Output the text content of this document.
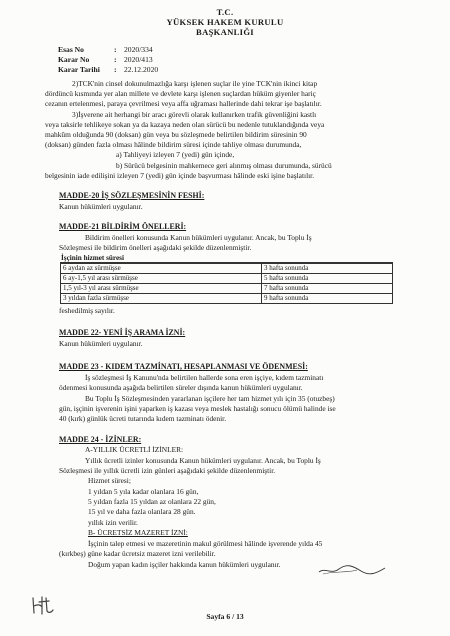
T.C.
YÜKSEK HAKEM KURULU
BAŞKANLIĞI
Esas No	: 2020/334
Karar No	: 2020/413
Karar Tarihi : 22.12.2020
2)TCK'nin cinsel dokunulmazlığa karşı işlenen suçlar ile yine TCK'nin ikinci kitap
dördüncü kısmında yer alan millete ve devlete karşı işlenen suçlardan hüküm giyenler hariç
cezanın ertelenmesi, paraya çevrilmesi veya affa uğraması hallerinde dahi tekrar işe başlatılır.
3)İşverene ait herhangi bir aracı görevli olarak kullanırken trafik güvenliğini kastlı
veya taksirle tehlikeye sokan ya da kazaya neden olan sürücü bu nedenle tutuklandığında veya
mahkûm olduğunda 90 (doksan) gün veya bu sözleşmede belirtilen bildirim süresinin 90
(doksan) günden fazla olması hâlinde bildirim süresi içinde tahliye olması durumunda,
a) Tahliyeyi izleyen 7 (yedi) gün içinde,
b) Sürücü belgesinin mahkemece geri alınmış olması durumunda, sürücü
belgesinin iade edilişini izleyen 7 (yedi) gün içinde başvurması hâlinde eski işine başlatılır.
MADDE-20 İŞ SÖZLEŞMESİNİN FESHİ:
Kanun hükümleri uygulanır.
MADDE-21 BİLDİRİM ÖNELLERİ:
Bildirim önelleri konusunda Kanun hükümleri uygulanır. Ancak, bu Toplu İş
Sözleşmesi ile bildirim önelleri aşağıdaki şekilde düzenlenmiştir.
İşçinin hizmet süresi
6 aydan az sürmüşse	3 hafta sonunda
6 ay-1,5 yıl arası sürmüşse	5 hafta sonunda
1,5 yıl-3 yıl arası sürmüşse	7 hafta sonunda
3 yıldan fazla sürmüşse	9 hafta sonunda
feshedilmiş sayılır.
MADDE 22- YENİ İŞ ARAMA İZNİ:
Kanun hükümleri uygulanır.
MADDE 23 - KIDEM TAZMİNATI, HESAPLANMASI VE ÖDENMESİ:
İş sözleşmesi İş Kanunu'nda belirtilen hallerde sona eren işçiye, kıdem tazminatı
ödenmesi konusunda aşağıda belirtilen süreler dışında kanun hükümleri uygulanır.
Bu Toplu İş Sözleşmesinden yararlanan işçilere her tam hizmet yılı için 35 (otuzbeş)
gün, işçinin işverenin işini yaparken iş kazası veya meslek hastalığı sonucu ölümü halinde ise
40 (kırk) günlük ücreti tutarında kıdem tazminatı ödenir.
MADDE 24 - İZİNLER:
A-YILLIK ÜCRETLİ İZİNLER:
Yıllık ücretli izinler konusunda Kanun hükümleri uygulanır. Ancak, bu Toplu İş
Sözleşmesi ile yıllık ücretli izin günleri aşağıdaki şekilde düzenlenmiştir.
Hizmet süresi;
1 yıldan 5 yıla kadar olanlara 16 gün,
5 yıldan fazla 15 yıldan az olanlara 22 gün,
15 yıl ve daha fazla olanlara 28 gün.
yıllık izin verilir.
B- ÜCRETSİZ MAZERET İZNİ:
İşçinin talep etmesi ve mazeretinin makul görülmesi hâlinde işverende yılda 45
(kırkbeş) güne kadar ücretsiz mazeret izni verilebilir.
Doğum yapan kadın işçiler hakkında kanun hükümleri uygulanır.
Sayfa 6 / 13
